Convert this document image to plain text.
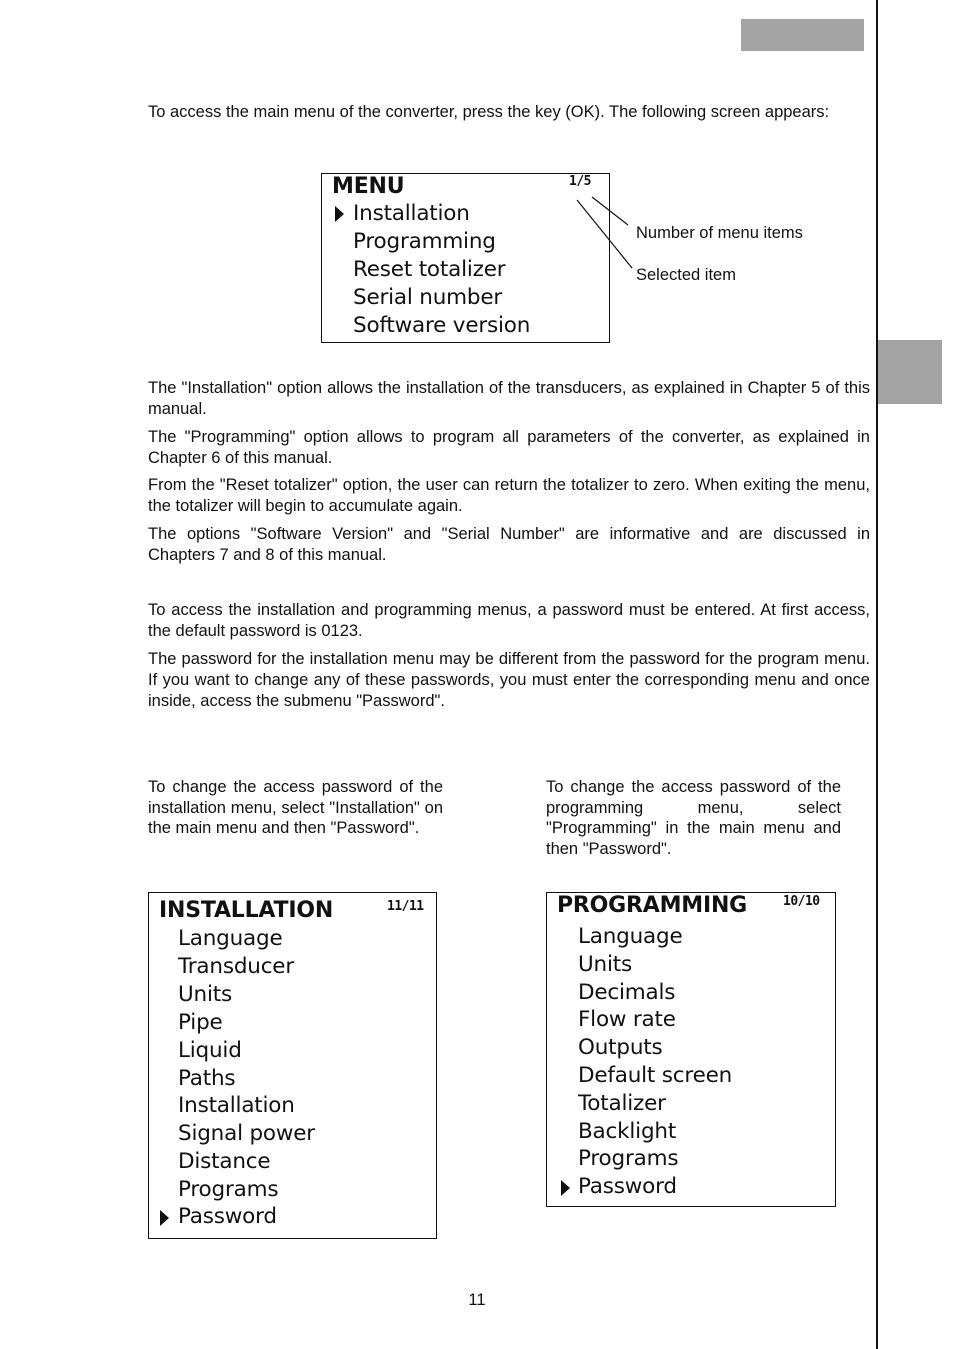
To access the main menu of the converter, press the key (OK). The following screen appears:

MENU	1/5
Installation
Programming
Reset totalizer
Serial number
Software version
Number of menu items
Selected item

The "Installation" option allows the installation of the transducers, as explained in Chapter 5 of this manual.

The "Programming" option allows to program all parameters of the converter, as explained in Chapter 6 of this manual.

From the "Reset totalizer" option, the user can return the totalizer to zero. When exiting the menu, the totalizer will begin to accumulate again.

The options "Software Version" and "Serial Number" are informative and are discussed in Chapters 7 and 8 of this manual.

To access the installation and programming menus, a password must be entered. At first access, the default password is 0123.

The password for the installation menu may be different from the password for the program menu. If you want to change any of these passwords, you must enter the corresponding menu and once inside, access the submenu "Password".

To change the access password of the installation menu, select "Installation" on the main menu and then "Password".

To change the access password of the programming menu, select "Programming" in the main menu and then "Password".

INSTALLATION	11/11
Language
Transducer
Units
Pipe
Liquid
Paths
Installation
Signal power
Distance
Programs
Password
PROGRAMMING	10/10
Language
Units
Decimals
Flow rate
Outputs
Default screen
Totalizer
Backlight
Programs
Password
11
